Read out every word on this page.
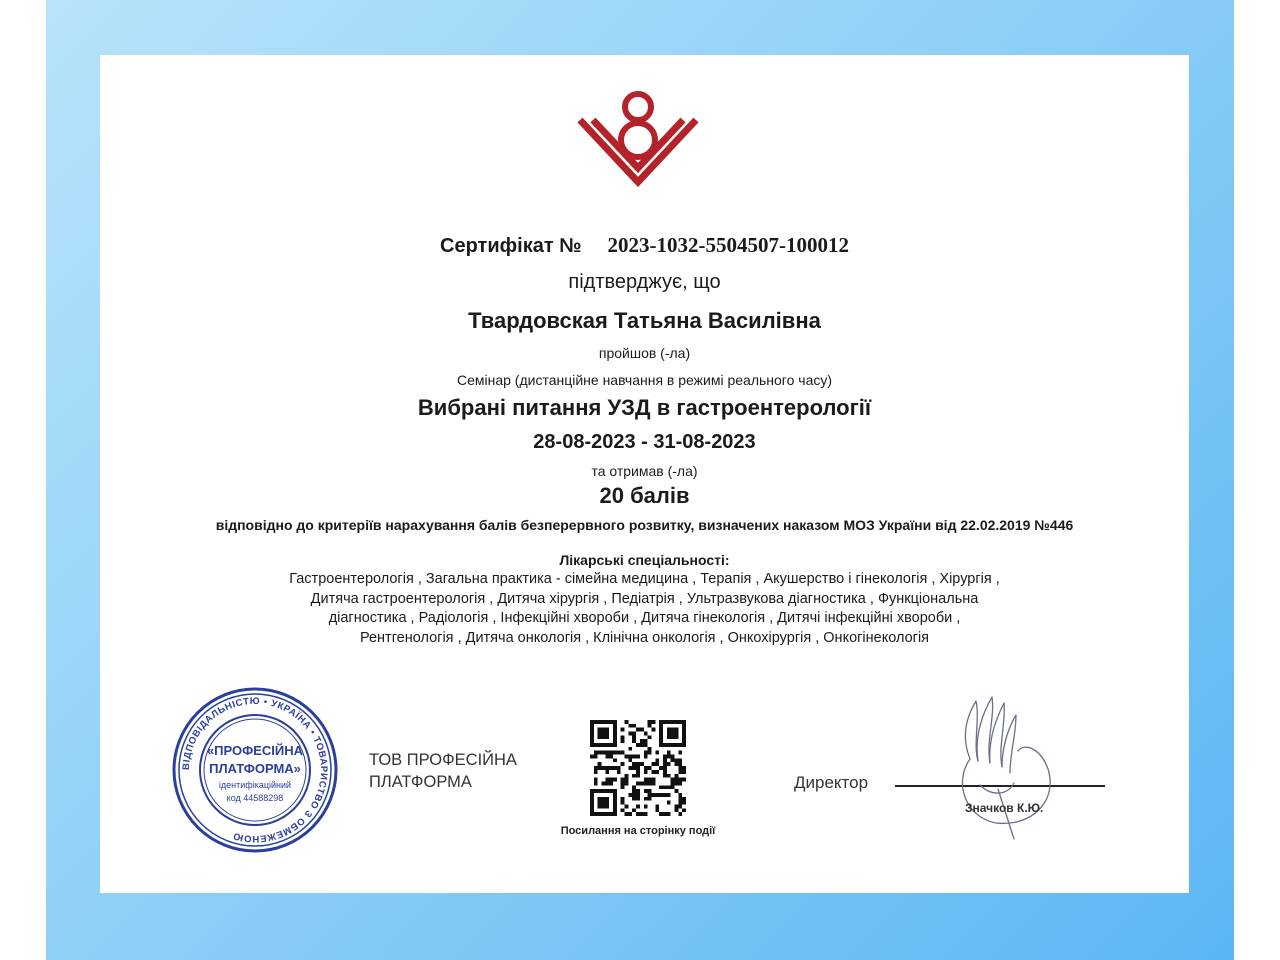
Сертифікат № 2023-1032-5504507-100012
підтверджує, що
Твардовская Татьяна Василівна
пройшов (-ла)
Семінар (дистанційне навчання в режимі реального часу)
Вибрані питання УЗД в гастроентерології
28-08-2023 - 31-08-2023
та отримав (-ла)
20 балів
відповідно до критеріїв нарахування балів безперервного розвитку, визначених наказом МОЗ України від 22.02.2019 №446
Лікарські спеціальності:
Гастроентерологія , Загальна практика - сімейна медицина , Терапія , Акушерство і гінекологія , Хірургія , Дитяча гастроентерологія , Дитяча хірургія , Педіатрія , Ультразвукова діагностика , Функціональна діагностика , Радіологія , Інфекційні хвороби , Дитяча гінекологія , Дитячі інфекційні хвороби , Рентгенологія , Дитяча онкологія , Клінічна онкологія , Онкохірургія , Онкогінекологія
ВІДПОВІДАЛЬНІСТЮ • УКРАЇНА • ТОВАРИСТВО З ОБМЕЖЕНОЮ
«ПРОФЕСІЙНА
ПЛАТФОРМА»
ідентифікаційний
код 44588298
ТОВ ПРОФЕСІЙНА
ПЛАТФОРМА
Посилання на сторінку події
Директор
Значков К.Ю.
